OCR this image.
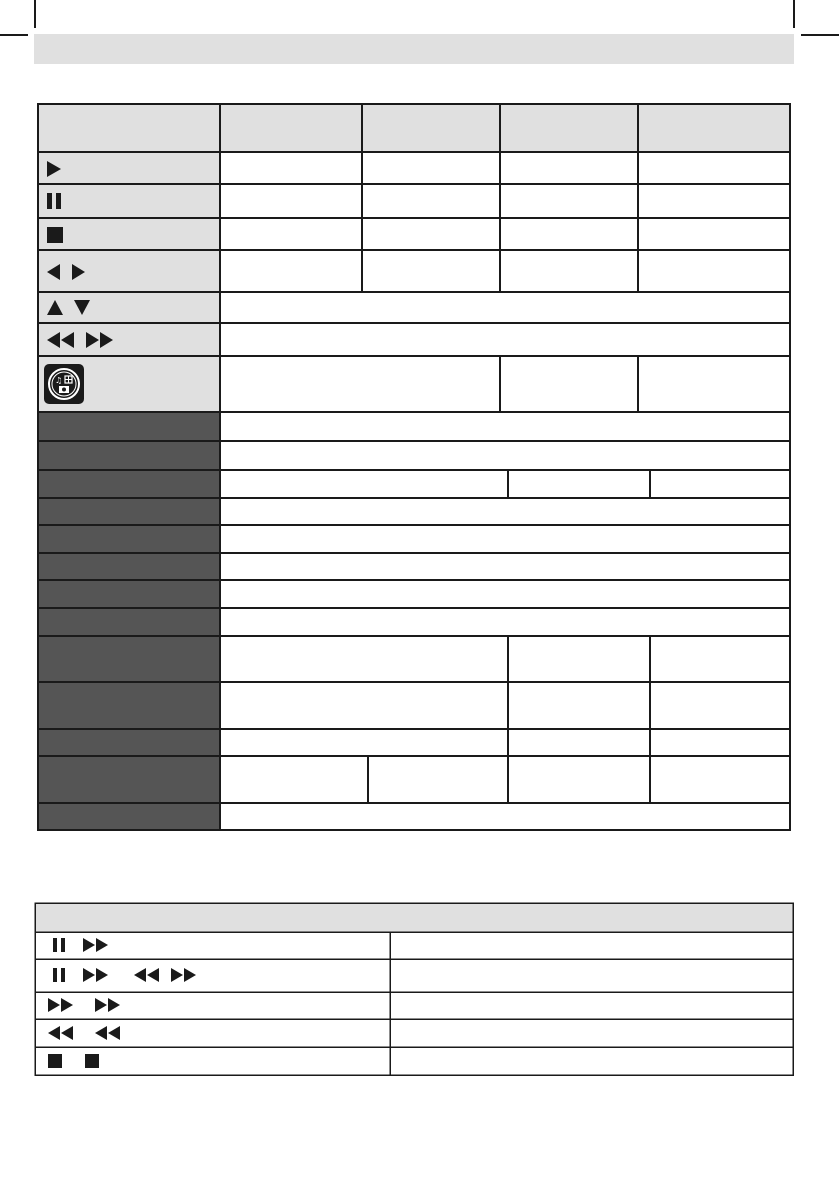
♫
